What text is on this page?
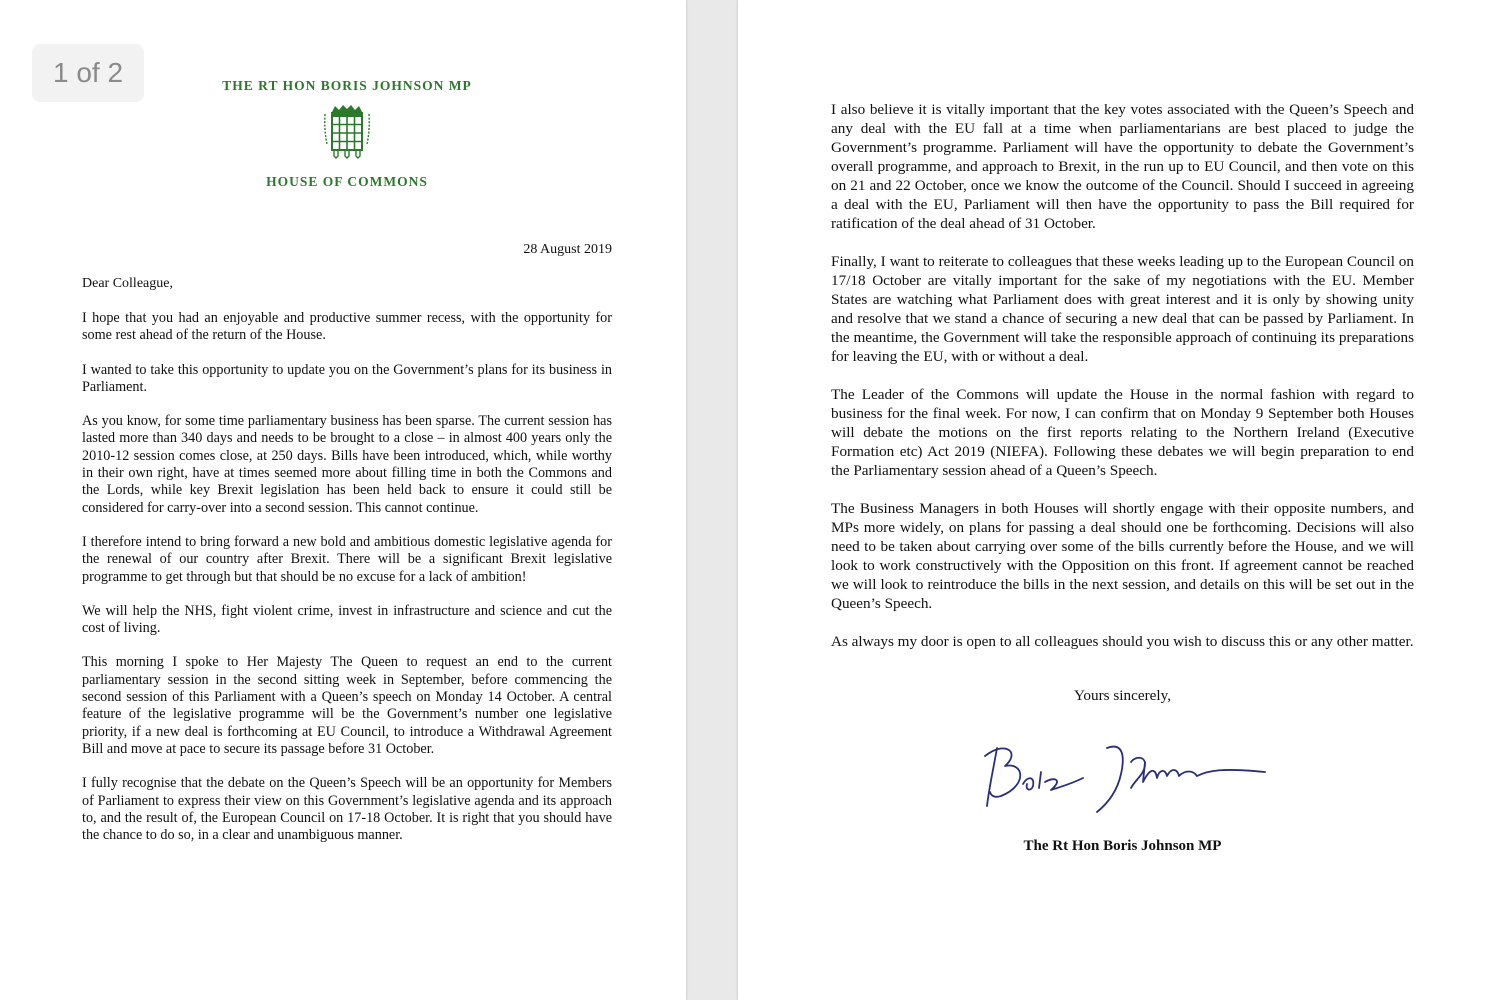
1 of 2	THE RT HON BORIS JOHNSON MP
HOUSE OF COMMONS
28 August 2019
Dear Colleague,

I hope that you had an enjoyable and productive summer recess, with the opportunity for some rest ahead of the return of the House.

I wanted to take this opportunity to update you on the Government’s plans for its business in Parliament.

As you know, for some time parliamentary business has been sparse. The current session has lasted more than 340 days and needs to be brought to a close – in almost 400 years only the 2010-12 session comes close, at 250 days. Bills have been introduced, which, while worthy in their own right, have at times seemed more about filling time in both the Commons and the Lords, while key Brexit legislation has been held back to ensure it could still be considered for carry-over into a second session. This cannot continue.

I therefore intend to bring forward a new bold and ambitious domestic legislative agenda for the renewal of our country after Brexit. There will be a significant Brexit legislative programme to get through but that should be no excuse for a lack of ambition!

We will help the NHS, fight violent crime, invest in infrastructure and science and cut the cost of living.

This morning I spoke to Her Majesty The Queen to request an end to the current parliamentary session in the second sitting week in September, before commencing the second session of this Parliament with a Queen’s speech on Monday 14 October. A central feature of the legislative programme will be the Government’s number one legislative priority, if a new deal is forthcoming at EU Council, to introduce a Withdrawal Agreement Bill and move at pace to secure its passage before 31 October.

I fully recognise that the debate on the Queen’s Speech will be an opportunity for Members of Parliament to express their view on this Government’s legislative agenda and its approach to, and the result of, the European Council on 17-18 October. It is right that you should have the chance to do so, in a clear and unambiguous manner.

I also believe it is vitally important that the key votes associated with the Queen’s Speech and any deal with the EU fall at a time when parliamentarians are best placed to judge the Government’s programme. Parliament will have the opportunity to debate the Government’s overall programme, and approach to Brexit, in the run up to EU Council, and then vote on this on 21 and 22 October, once we know the outcome of the Council. Should I succeed in agreeing a deal with the EU, Parliament will then have the opportunity to pass the Bill required for ratification of the deal ahead of 31 October.

Finally, I want to reiterate to colleagues that these weeks leading up to the European Council on 17/18 October are vitally important for the sake of my negotiations with the EU. Member States are watching what Parliament does with great interest and it is only by showing unity and resolve that we stand a chance of securing a new deal that can be passed by Parliament. In the meantime, the Government will take the responsible approach of continuing its preparations for leaving the EU, with or without a deal.

The Leader of the Commons will update the House in the normal fashion with regard to business for the final week. For now, I can confirm that on Monday 9 September both Houses will debate the motions on the first reports relating to the Northern Ireland (Executive Formation etc) Act 2019 (NIEFA). Following these debates we will begin preparation to end the Parliamentary session ahead of a Queen’s Speech.

The Business Managers in both Houses will shortly engage with their opposite numbers, and MPs more widely, on plans for passing a deal should one be forthcoming. Decisions will also need to be taken about carrying over some of the bills currently before the House, and we will look to work constructively with the Opposition on this front. If agreement cannot be reached we will look to reintroduce the bills in the next session, and details on this will be set out in the Queen’s Speech.

As always my door is open to all colleagues should you wish to discuss this or any other matter.

Yours sincerely,
The Rt Hon Boris Johnson MP
